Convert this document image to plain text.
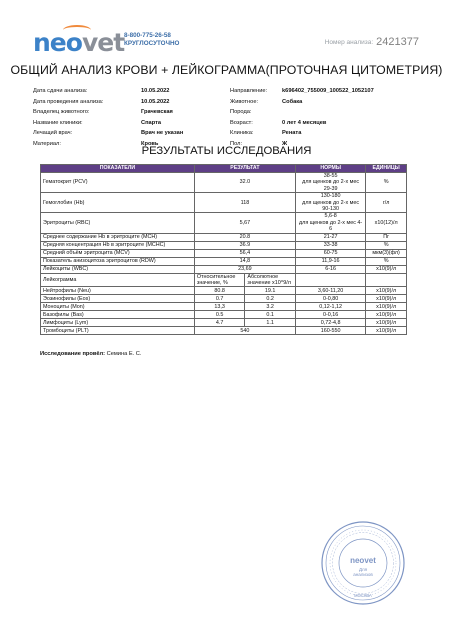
ne
ovet 8-800-775-26-58
КРУГЛОСУТОЧНО	Номер анализа: 2421377
ОБЩИЙ АНАЛИЗ КРОВИ + ЛЕЙКОГРАММА(ПРОТОЧНАЯ ЦИТОМЕТРИЯ)
Дата сдачи анализа:	10.05.2022
Дата проведения анализа:	10.05.2022
Владелец животного:	Грачевская
Название клиники:	Спарта
Лечащий врач:	Врач не указан
Материал:	Кровь
Направление:	k696402_755009_100522_1052107
Животное:	Собака
Порода:
Возраст:	0 лет 4 месяцев
Клиника:	Рената
Пол:	Ж
РЕЗУЛЬТАТЫ ИССЛЕДОВАНИЯ
ПОКАЗАТЕЛИ	РЕЗУЛЬТАТ		НОРМЫ	ЕДИНИЦЫ
Гематокрит (PCV)	32.0		38-55
для щенков до 2-х мес
29-39	%
Гемоглобин (Hb)	118		130-180
для щенков до 2-х мес
90-130	г/л
Эритроциты (RBC)	5,67		5,6-8
для щенков до 2-х мес 4-6	x10(12)/л
Среднее содержание Hb в эритроците (MCH)	20.8		21-27	Пг
Средняя концентрация Hb в эритроците (MCHC)	36.9		33-38	%
Средний объём эритроцита (MCV)	56,4		60-75	мкм(3)(фл)
Показатель анизоцитоза эритроцитов (RDW)	14,8		11,9-16	%
Лейкоциты (WBC)	23,69		6-16	x10(9)/л
Лейкограмма	Относительное значение, %	Абсолютное значение x10^9/л		
Нейтрофилы (Neu)	80.8	19.1	3,60-11,20	x10(9)/л
Эозинофилы (Eos)	0.7	0.2	0-0,80	x10(9)/л
Моноциты (Mon)	13,3	3.2	0,12-1,12	x10(9)/л
Базофилы (Bas)	0.5	0.1	0-0,16	x10(9)/л
Лимфоциты (Lym)	4.7	1.1	0,72-4,8	x10(9)/л
Тромбоциты (PLT)	540		160-550	x10(9)/л
Исследование провёл: Семина Е. С.
neovet
Для
анализов
МОСКВА
